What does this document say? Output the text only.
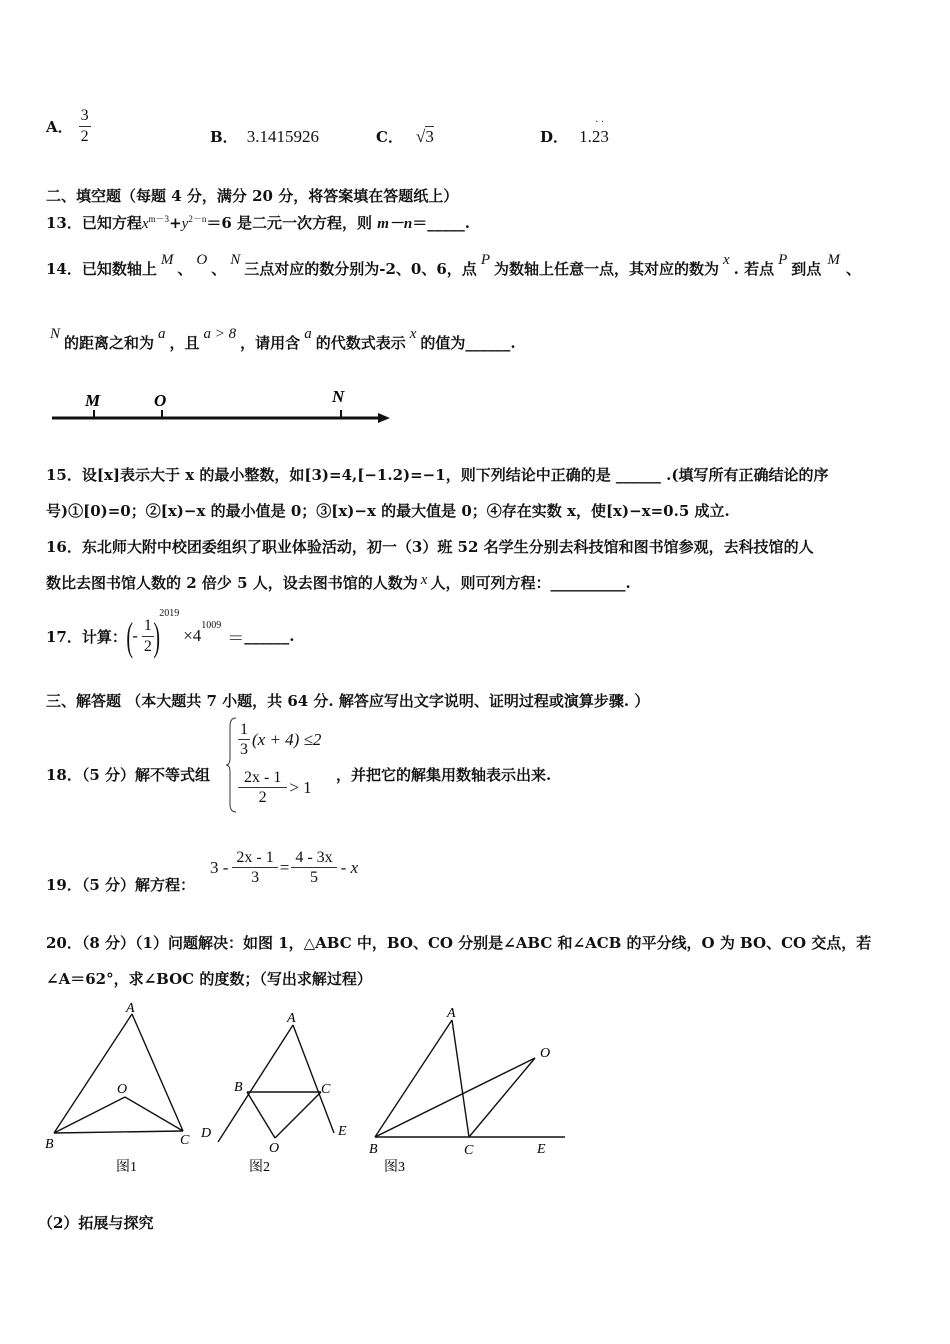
A． $\frac{3}{2}$	B． 3.1415926	C． √3	D． 1.23
· ·
二、填空题（每题 4 分，满分 20 分，将答案填在答题纸上）
13．已知方程$x^{m-3}+y^{2-n}=6$ 是二元一次方程，则 m－n＝_____.
14．已知数轴上 M 、 O 、 N 三点对应的数分别为-2、0、6，点 P 为数轴上任意一点，其对应的数为 x . 若点 P 到点 M 、
N 的距离之和为 a ，且 a > 8 ，请用含 a 的代数式表示 x 的值为______.
M	O	N
15．设[x]表示大于 x 的最小整数，如[3)=4,[−1.2)=−1，则下列结论中正确的是 ______ .(填写所有正确结论的序
号)①[0)=0；②[x)−x 的最小值是 0；③[x)−x 的最大值是 0；④存在实数 x，使[x)−x=0.5 成立.
16．东北师大附中校团委组织了职业体验活动，初一（3）班 52 名学生分别去科技馆和图书馆参观，去科技馆的人
数比去图书馆人数的 2 倍少 5 人，设去图书馆的人数为 x 人，则可列方程：__________.
17．计算： ( - $\frac{1}{2}$ ) 2019
×4
1009
＝ ______.
三、解答题 （本大题共 7 小题，共 64 分. 解答应写出文字说明、证明过程或演算步骤. ）
18．（5 分）解不等式组
$\frac{1}{3} (x + 4) \le 2$
$\frac{2x - 1}{2} > 1$
，并把它的解集用数轴表示出来.
19．（5 分）解方程：
$3 - \frac{2x - 1}{3} = \frac{4 - 3x}{5} - x$
20．（8 分）（1）问题解决：如图 1，△ABC 中，BO、CO 分别是∠ABC 和∠ACB 的平分线，O 为 BO、CO 交点，若
∠A＝62°，求∠BOC 的度数；（写出求解过程）
A
O
B	C
图1
A
B	C
D	E
O
图2
A
O
B	C	E
图3
（2）拓展与探究
